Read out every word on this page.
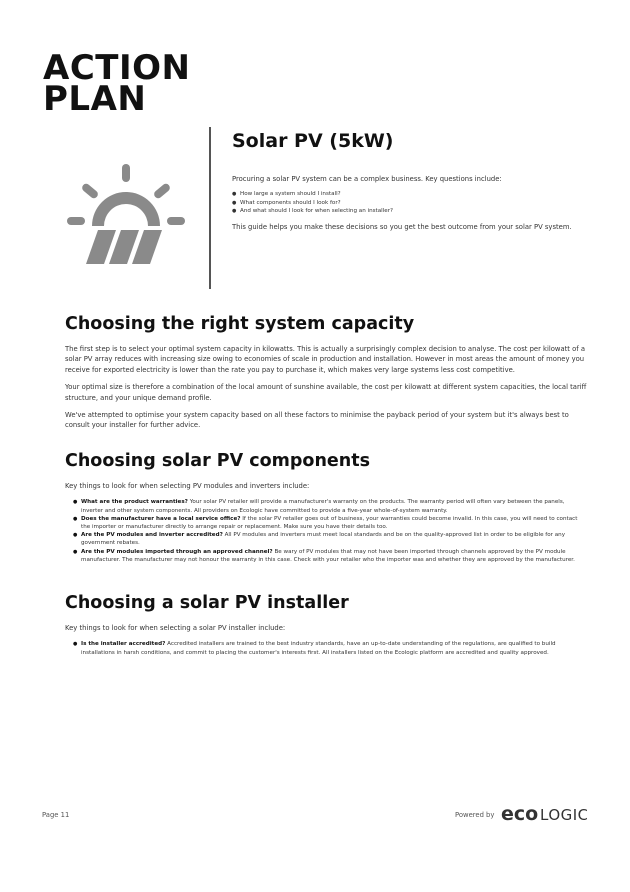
ACTION
PLAN
Solar PV (5kW)

Procuring a solar PV system can be a complex business. Key questions include:

● How large a system should I install?
● What components should I look for?
● And what should I look for when selecting an installer?

This guide helps you make these decisions so you get the best outcome from your solar PV system.

Choosing the right system capacity

The first step is to select your optimal system capacity in kilowatts. This is actually a surprisingly complex decision to analyse. The cost per kilowatt of a solar PV array reduces with increasing size owing to economies of scale in production and installation. However in most areas the amount of money you receive for exported electricity is lower than the rate you pay to purchase it, which makes very large systems less cost competitive.

Your optimal size is therefore a combination of the local amount of sunshine available, the cost per kilowatt at different system capacities, the local tariff structure, and your unique demand profile.

We've attempted to optimise your system capacity based on all these factors to minimise the payback period of your system but it's always best to consult your installer for further advice.

Choosing solar PV components

Key things to look for when selecting PV modules and inverters include:

● What are the product warranties? Your solar PV retailer will provide a manufacturer's warranty on the products. The warranty period will often vary between the panels, inverter and other system components. All providers on Ecologic have committed to provide a five-year whole-of-system warranty.
● Does the manufacturer have a local service office? If the solar PV retailer goes out of business, your warranties could become invalid. In this case, you will need to contact the importer or manufacturer directly to arrange repair or replacement. Make sure you have their details too.
● Are the PV modules and inverter accredited? All PV modules and inverters must meet local standards and be on the quality-approved list in order to be eligible for any government rebates.
● Are the PV modules imported through an approved channel? Be wary of PV modules that may not have been imported through channels approved by the PV module manufacturer. The manufacturer may not honour the warranty in this case. Check with your retailer who the importer was and whether they are approved by the manufacturer.
Choosing a solar PV installer

Key things to look for when selecting a solar PV installer include:

● Is the installer accredited? Accredited installers are trained to the best industry standards, have an up-to-date understanding of the regulations, are qualified to build installations in harsh conditions, and commit to placing the customer's interests first. All installers listed on the Ecologic platform are accredited and quality approved.
Page 11	Powered by eco LOGIC
